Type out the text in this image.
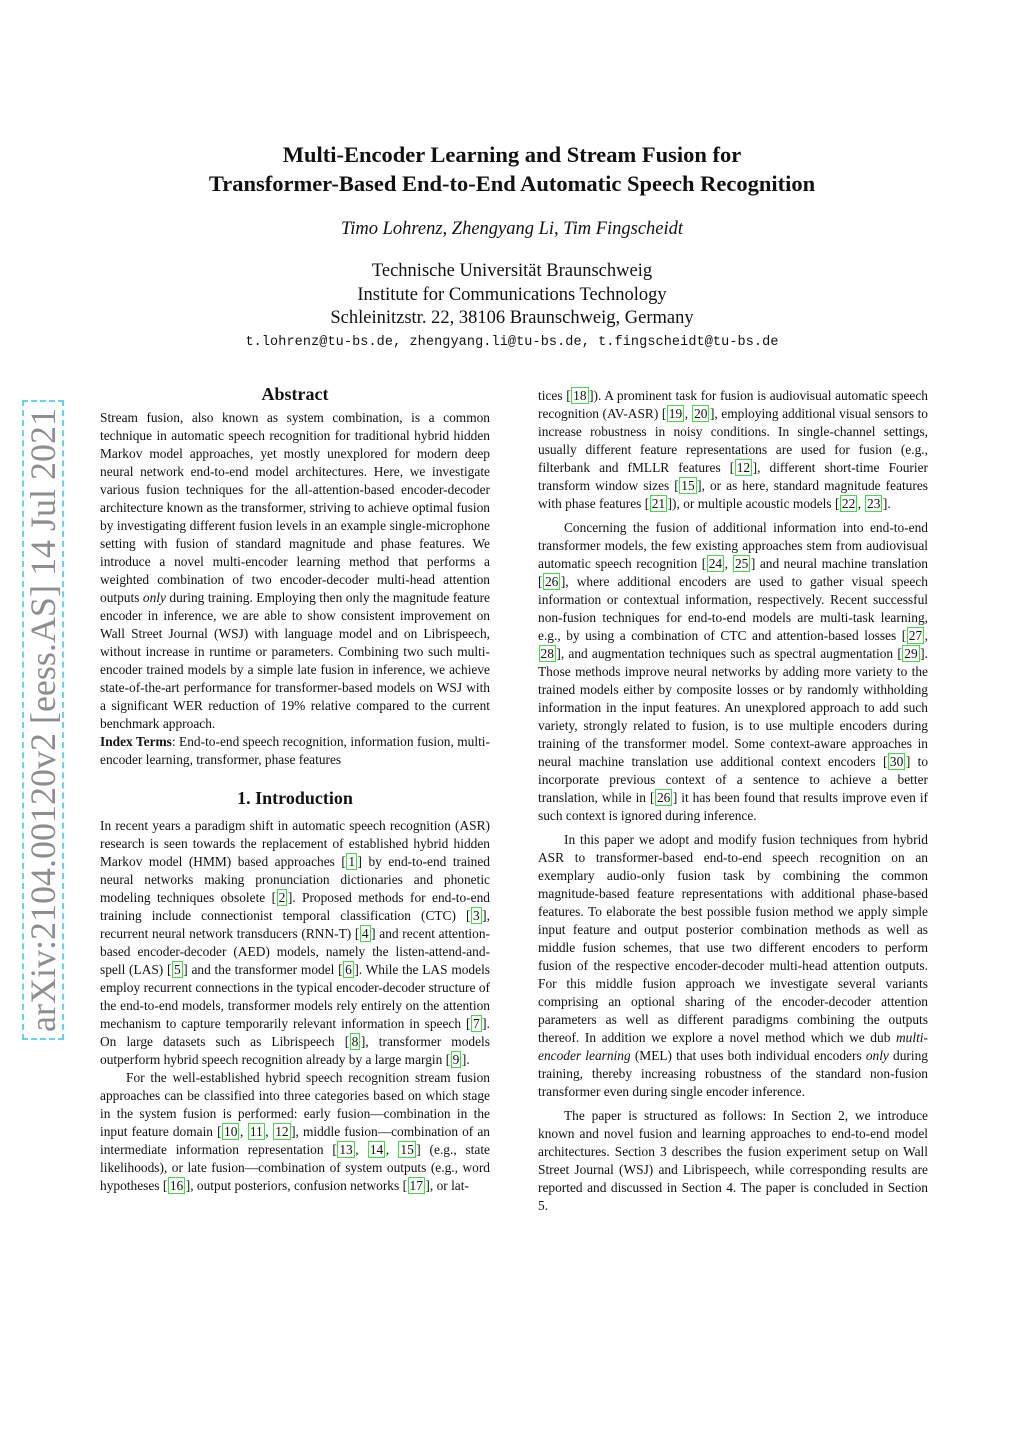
Multi-Encoder Learning and Stream Fusion for
Transformer-Based End-to-End Automatic Speech Recognition
Timo Lohrenz, Zhengyang Li, Tim Fingscheidt
Technische Universität Braunschweig
Institute for Communications Technology
Schleinitzstr. 22, 38106 Braunschweig, Germany
t.lohrenz@tu-bs.de, zhengyang.li@tu-bs.de, t.fingscheidt@tu-bs.de
arXiv:2104.00120v2 [eess.AS] 14 Jul 2021
Abstract

Stream fusion, also known as system combination, is a common technique in automatic speech recognition for traditional hybrid hidden Markov model approaches, yet mostly unexplored for modern deep neural network end-to-end model architectures. Here, we investigate various fusion techniques for the all-attention-based encoder-decoder architecture known as the transformer, striving to achieve optimal fusion by investigating different fusion levels in an example single-microphone setting with fusion of standard magnitude and phase features. We introduce a novel multi-encoder learning method that performs a weighted combination of two encoder-decoder multi-head attention outputs only during training. Employing then only the magnitude feature encoder in inference, we are able to show consistent improvement on Wall Street Journal (WSJ) with language model and on Librispeech, without increase in runtime or parameters. Combining two such multi-encoder trained models by a simple late fusion in inference, we achieve state-of-the-art performance for transformer-based models on WSJ with a significant WER reduction of 19% relative compared to the current benchmark approach.

Index Terms: End-to-end speech recognition, information fusion, multi-encoder learning, transformer, phase features

1. Introduction

In recent years a paradigm shift in automatic speech recognition (ASR) research is seen towards the replacement of established hybrid hidden Markov model (HMM) based approaches [ 1 ] by end-to-end trained neural networks making pronunciation dictionaries and phonetic modeling techniques obsolete [ 2 ]. Proposed methods for end-to-end training include connectionist temporal classification (CTC) [ 3 ], recurrent neural network transducers (RNN-T) [ 4 ] and recent attention-based encoder-decoder (AED) models, namely the listen-attend-and-spell (LAS) [ 5 ] and the transformer model [ 6 ]. While the LAS models employ recurrent connections in the typical encoder-decoder structure of the end-to-end models, transformer models rely entirely on the attention mechanism to capture temporarily relevant information in speech [ 7 ]. On large datasets such as Librispeech [ 8 ], transformer models outperform hybrid speech recognition already by a large margin [ 9 ].

For the well-established hybrid speech recognition stream fusion approaches can be classified into three categories based on which stage in the system fusion is performed: early fusion—combination in the input feature domain [ 10 , 11 , 12 ], middle fusion—combination of an intermediate information representation [ 13 , 14 , 15 ] (e.g., state likelihoods), or late fusion—combination of system outputs (e.g., word hypotheses [ 16 ], output posteriors, confusion networks [ 17 ], or lat-

tices [ 18 ]). A prominent task for fusion is audiovisual automatic speech recognition (AV-ASR) [ 19 , 20 ], employing additional visual sensors to increase robustness in noisy conditions. In single-channel settings, usually different feature representations are used for fusion (e.g., filterbank and fMLLR features [ 12 ], different short-time Fourier transform window sizes [ 15 ], or as here, standard magnitude features with phase features [ 21 ]), or multiple acoustic models [ 22 , 23 ].

Concerning the fusion of additional information into end-to-end transformer models, the few existing approaches stem from audiovisual automatic speech recognition [ 24 , 25 ] and neural machine translation [ 26 ], where additional encoders are used to gather visual speech information or contextual information, respectively. Recent successful non-fusion techniques for end-to-end models are multi-task learning, e.g., by using a combination of CTC and attention-based losses [ 27 , 28 ], and augmentation techniques such as spectral augmentation [ 29 ]. Those methods improve neural networks by adding more variety to the trained models either by composite losses or by randomly withholding information in the input features. An unexplored approach to add such variety, strongly related to fusion, is to use multiple encoders during training of the transformer model. Some context-aware approaches in neural machine translation use additional context encoders [ 30 ] to incorporate previous context of a sentence to achieve a better translation, while in [ 26 ] it has been found that results improve even if such context is ignored during inference.

In this paper we adopt and modify fusion techniques from hybrid ASR to transformer-based end-to-end speech recognition on an exemplary audio-only fusion task by combining the common magnitude-based feature representations with additional phase-based features. To elaborate the best possible fusion method we apply simple input feature and output posterior combination methods as well as middle fusion schemes, that use two different encoders to perform fusion of the respective encoder-decoder multi-head attention outputs. For this middle fusion approach we investigate several variants comprising an optional sharing of the encoder-decoder attention parameters as well as different paradigms combining the outputs thereof. In addition we explore a novel method which we dub multi-encoder learning (MEL) that uses both individual encoders only during training, thereby increasing robustness of the standard non-fusion transformer even during single encoder inference.

The paper is structured as follows: In Section 2, we introduce known and novel fusion and learning approaches to end-to-end model architectures. Section 3 describes the fusion experiment setup on Wall Street Journal (WSJ) and Librispeech, while corresponding results are reported and discussed in Section 4. The paper is concluded in Section 5.
